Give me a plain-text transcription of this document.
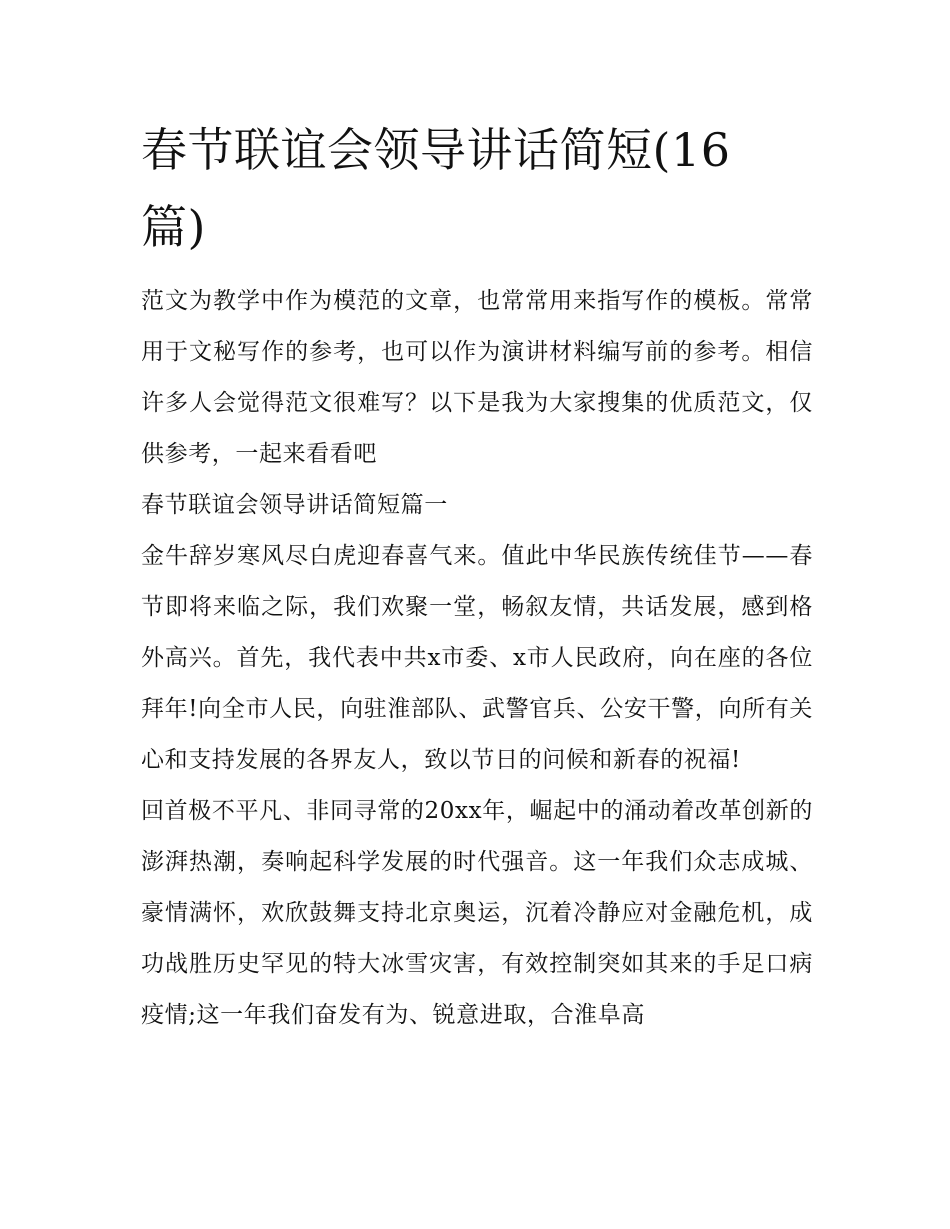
春节联谊会领导讲话简短(16
篇)

范文为教学中作为模范的文章，也常常用来指写作的模板。常常用于文秘写作的参考，也可以作为演讲材料编写前的参考。相信许多人会觉得范文很难写？以下是我为大家搜集的优质范文，仅供参考，一起来看看吧

春节联谊会领导讲话简短篇一

金牛辞岁寒风尽白虎迎春喜气来。值此中华民族传统佳节——春节即将来临之际，我们欢聚一堂，畅叙友情，共话发展，感到格外高兴。首先，我代表中共x市委、x市人民政府，向在座的各位拜年!向全市人民，向驻淮部队、武警官兵、公安干警，向所有关心和支持发展的各界友人，致以节日的问候和新春的祝福!

回首极不平凡、非同寻常的20xx年，崛起中的涌动着改革创新的澎湃热潮，奏响起科学发展的时代强音。这一年我们众志成城、豪情满怀，欢欣鼓舞支持北京奥运，沉着冷静应对金融危机，成功战胜历史罕见的特大冰雪灾害，有效控制突如其来的手足口病疫情;这一年我们奋发有为、锐意进取，合淮阜高
